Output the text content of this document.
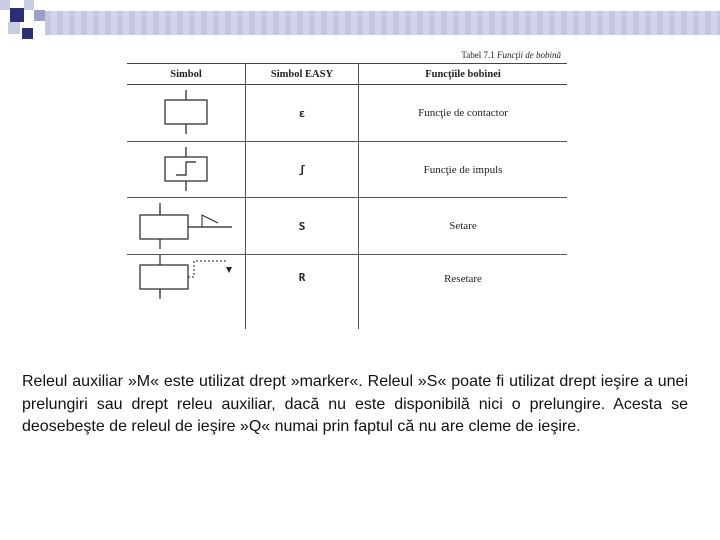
Tabel 7.1 Funcţii de bobină
Simbol	Simbol EASY	Funcţiile bobinei

	ɛ	Funcţie de contactor

	ʃ	Funcţie de impuls

	S	Setare

	R	Resetare

Releul auxiliar »M« este utilizat drept »marker«. Releul »S« poate fi utilizat drept ieşire a unei prelungiri sau drept releu auxiliar, dacă nu este disponibilă nici o prelungire. Acesta se deosebeşte de releul de ieşire »Q« numai prin faptul că nu are cleme de ieşire.
